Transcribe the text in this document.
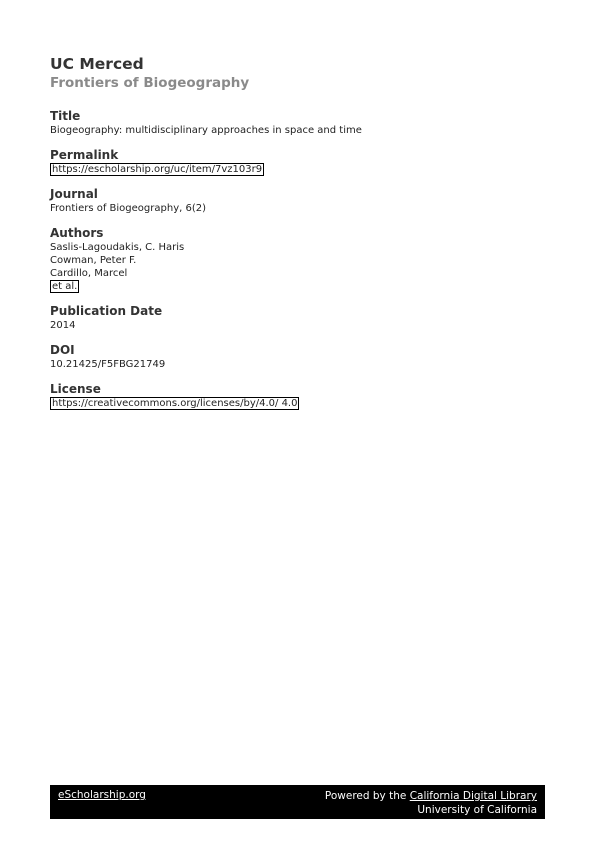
UC Merced
Frontiers of Biogeography
Title
Biogeography: multidisciplinary approaches in space and time
Permalink
https://escholarship.org/uc/item/7vz103r9
Journal
Frontiers of Biogeography, 6(2)
Authors
Saslis-Lagoudakis, C. Haris
Cowman, Peter F.
Cardillo, Marcel
et al.
Publication Date
2014
DOI
10.21425/F5FBG21749
License
https://creativecommons.org/licenses/by/4.0/ 4.0
eScholarship.org	Powered by the California Digital Library
University of California
